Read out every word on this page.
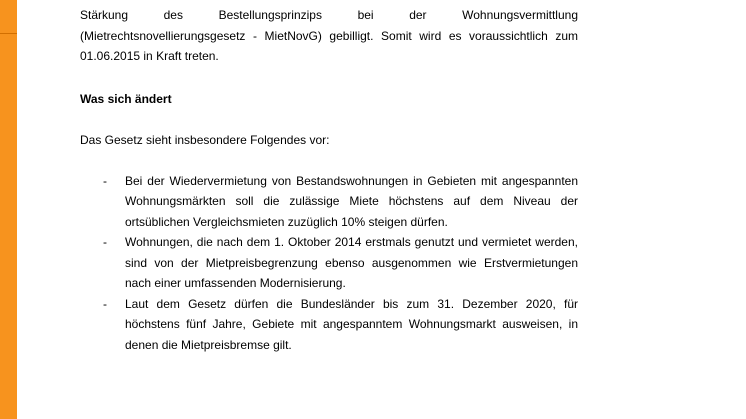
Stärkung des Bestellungsprinzips bei der Wohnungsvermittlung

(Mietrechtsnovellierungsgesetz - MietNovG) gebilligt. Somit wird es voraussichtlich zum 01.06.2015 in Kraft treten.

Was sich ändert

Das Gesetz sieht insbesondere Folgendes vor:

- Bei der Wiedervermietung von Bestandswohnungen in Gebieten mit angespannten Wohnungsmärkten soll die zulässige Miete höchstens auf dem Niveau der ortsüblichen Vergleichsmieten zuzüglich 10% steigen dürfen.
- Wohnungen, die nach dem 1. Oktober 2014 erstmals genutzt und vermietet werden, sind von der Mietpreisbegrenzung ebenso ausgenommen wie Erstvermietungen nach einer umfassenden Modernisierung.
- Laut dem Gesetz dürfen die Bundesländer bis zum 31. Dezember 2020, für höchstens fünf Jahre, Gebiete mit angespanntem Wohnungsmarkt ausweisen, in denen die Mietpreisbremse gilt.
